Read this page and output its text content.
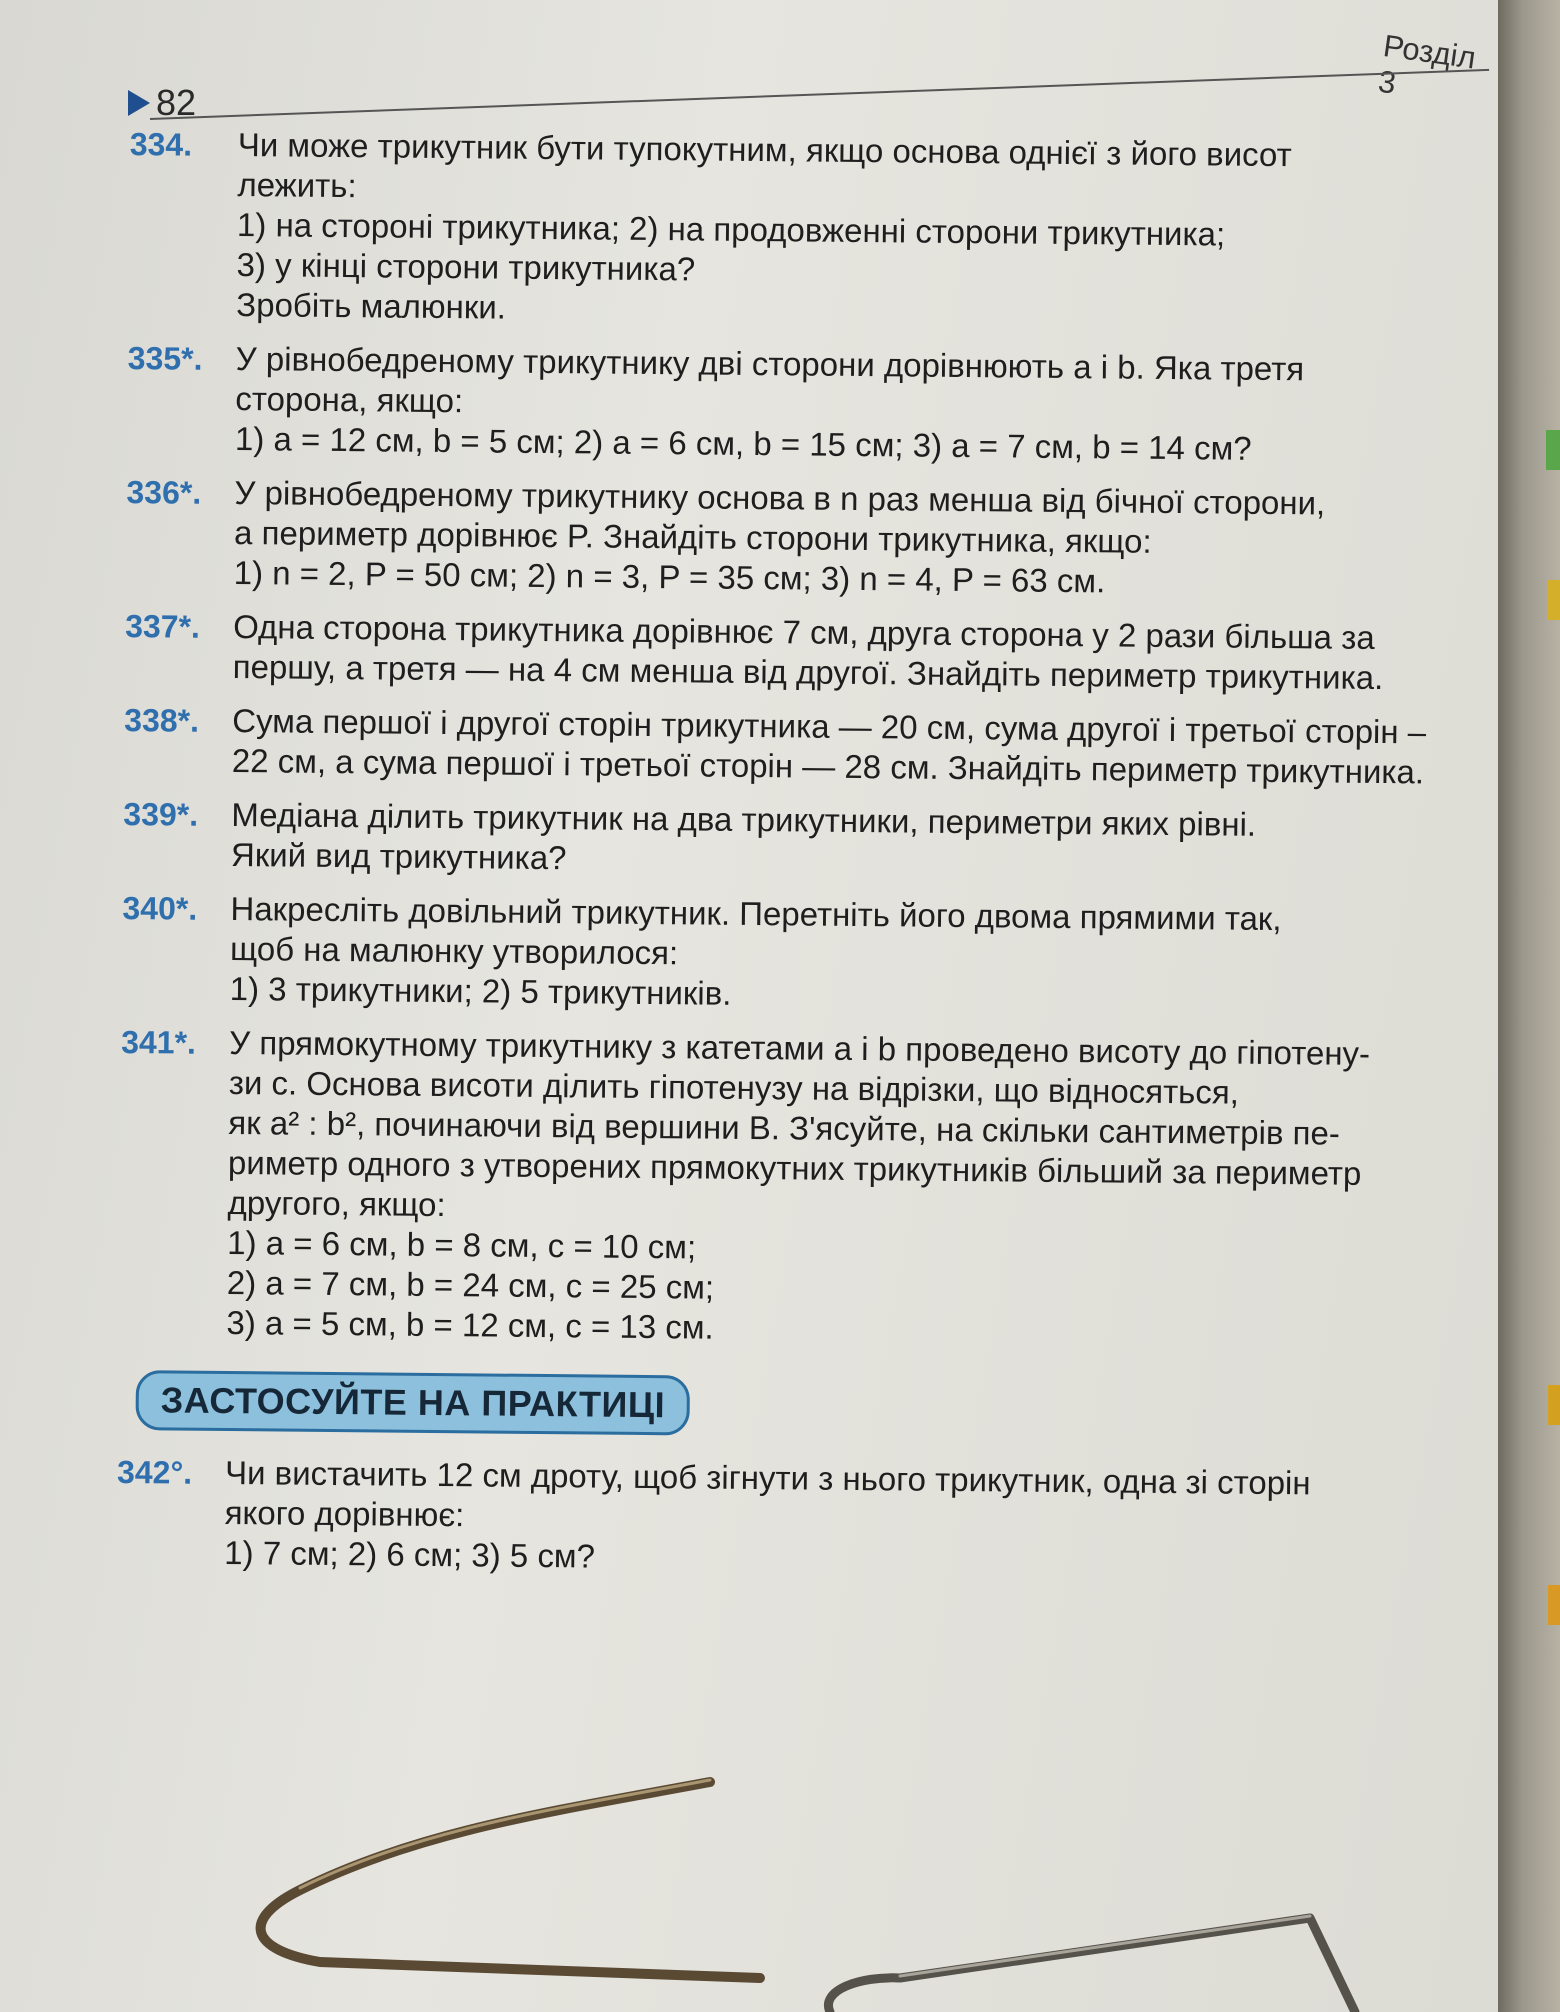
Розділ 3
82
334.	Чи може трикутник бути тупокутним, якщо основа однієї з його висот
лежить:
1) на стороні трикутника; 2) на продовженні сторони трикутника;
3) у кінці сторони трикутника?
Зробіть малюнки.
335*. У рівнобедреному трикутнику дві сторони дорівнюють a і b. Яка третя
сторона, якщо:
1) a = 12 см, b = 5 см; 2) a = 6 см, b = 15 см; 3) a = 7 см, b = 14 см?
336*. У рівнобедреному трикутнику основа в n раз менша від бічної сторони,
а периметр дорівнює P. Знайдіть сторони трикутника, якщо:
1) n = 2, P = 50 см; 2) n = 3, P = 35 см; 3) n = 4, P = 63 см.
337*. Одна сторона трикутника дорівнює 7 см, друга сторона у 2 рази більша за
першу, а третя — на 4 см менша від другої. Знайдіть периметр трикутника.
338*. Сума першої і другої сторін трикутника — 20 см, сума другої і третьої сторін –
22 см, а сума першої і третьої сторін — 28 см. Знайдіть периметр трикутника.
339*. Медіана ділить трикутник на два трикутники, периметри яких рівні.
Який вид трикутника?
340*. Накресліть довільний трикутник. Перетніть його двома прямими так,
щоб на малюнку утворилося:
1) 3 трикутники; 2) 5 трикутників.
341*. У прямокутному трикутнику з катетами a і b проведено висоту до гіпотену-
зи c. Основа висоти ділить гіпотенузу на відрізки, що відносяться,
як a² : b², починаючи від вершини B. З'ясуйте, на скільки сантиметрів пе-
риметр одного з утворених прямокутних трикутників більший за периметр
другого, якщо:
1) a = 6 см, b = 8 см, c = 10 см;
2) a = 7 см, b = 24 см, c = 25 см;
3) a = 5 см, b = 12 см, c = 13 см.
ЗАСТОСУЙТЕ НА ПРАКТИЦІ
342°. Чи вистачить 12 см дроту, щоб зігнути з нього трикутник, одна зі сторін
якого дорівнює:
1) 7 см; 2) 6 см; 3) 5 см?
